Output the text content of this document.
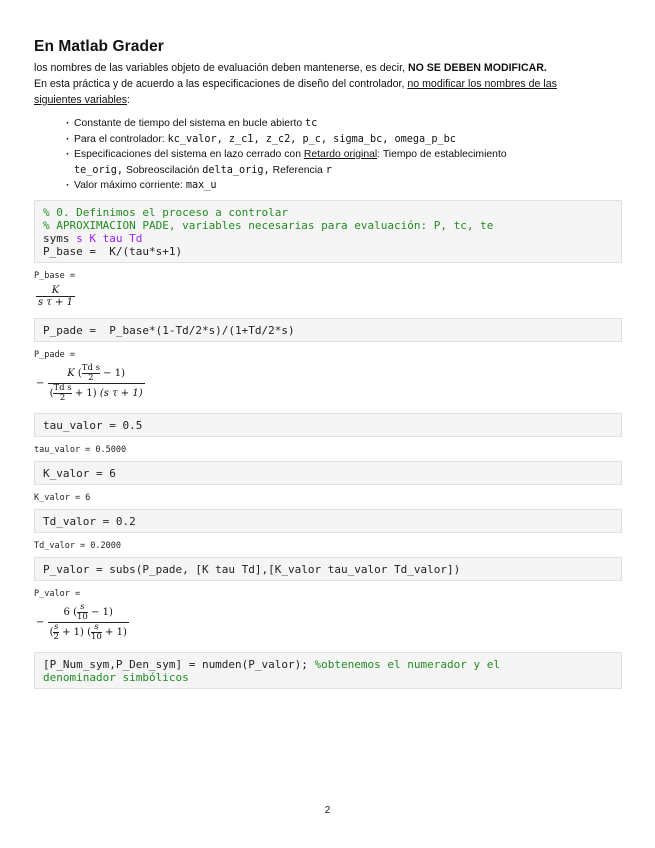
En Matlab Grader

los nombres de las variables objeto de evaluación deben mantenerse, es decir, NO SE DEBEN MODIFICAR.

En esta práctica y de acuerdo a las especificaciones de diseño del controlador, no modificar los nombres de las

siguientes variables:

· Constante de tiempo del sistema en bucle abierto tc
· Para el controlador: kc_valor, z_c1, z_c2, p_c, sigma_bc, omega_p_bc
· Especificaciones del sistema en lazo cerrado con Retardo original: Tiempo de establecimiento
te_orig, Sobreoscilación delta_orig, Referencia r
· Valor máximo corriente: max_u
% 0. Definimos el proceso a controlar
% APROXIMACION PADE, variables necesarias para evaluación: P, tc, te
syms s K tau Td
P_base =  K/(tau*s+1)
P_base =
$\frac{K}{\text{s τ + 1}}$
P_pade =  P_base*(1-Td/2*s)/(1+Td/2*s)
P_pade =
− $\frac{K ( \frac{\text{Td s}}{2} - 1)}{( \frac{\text{Td s}}{2} + 1) (s \tau + 1)}$
tau_valor = 0.5
tau_valor = 0.5000
K_valor = 6
K_valor = 6
Td_valor = 0.2
Td_valor = 0.2000
P_valor = subs(P_pade, [K tau Td],[K_valor tau_valor Td_valor])
P_valor =
− $\frac{6 ( \frac{s}{10} - 1)}{( \frac{s}{2} + 1) ( \frac{s}{10} + 1)}$
[P_Num_sym,P_Den_sym] = numden(P_valor); %obtenemos el numerador y el
denominador simbólicos
2
